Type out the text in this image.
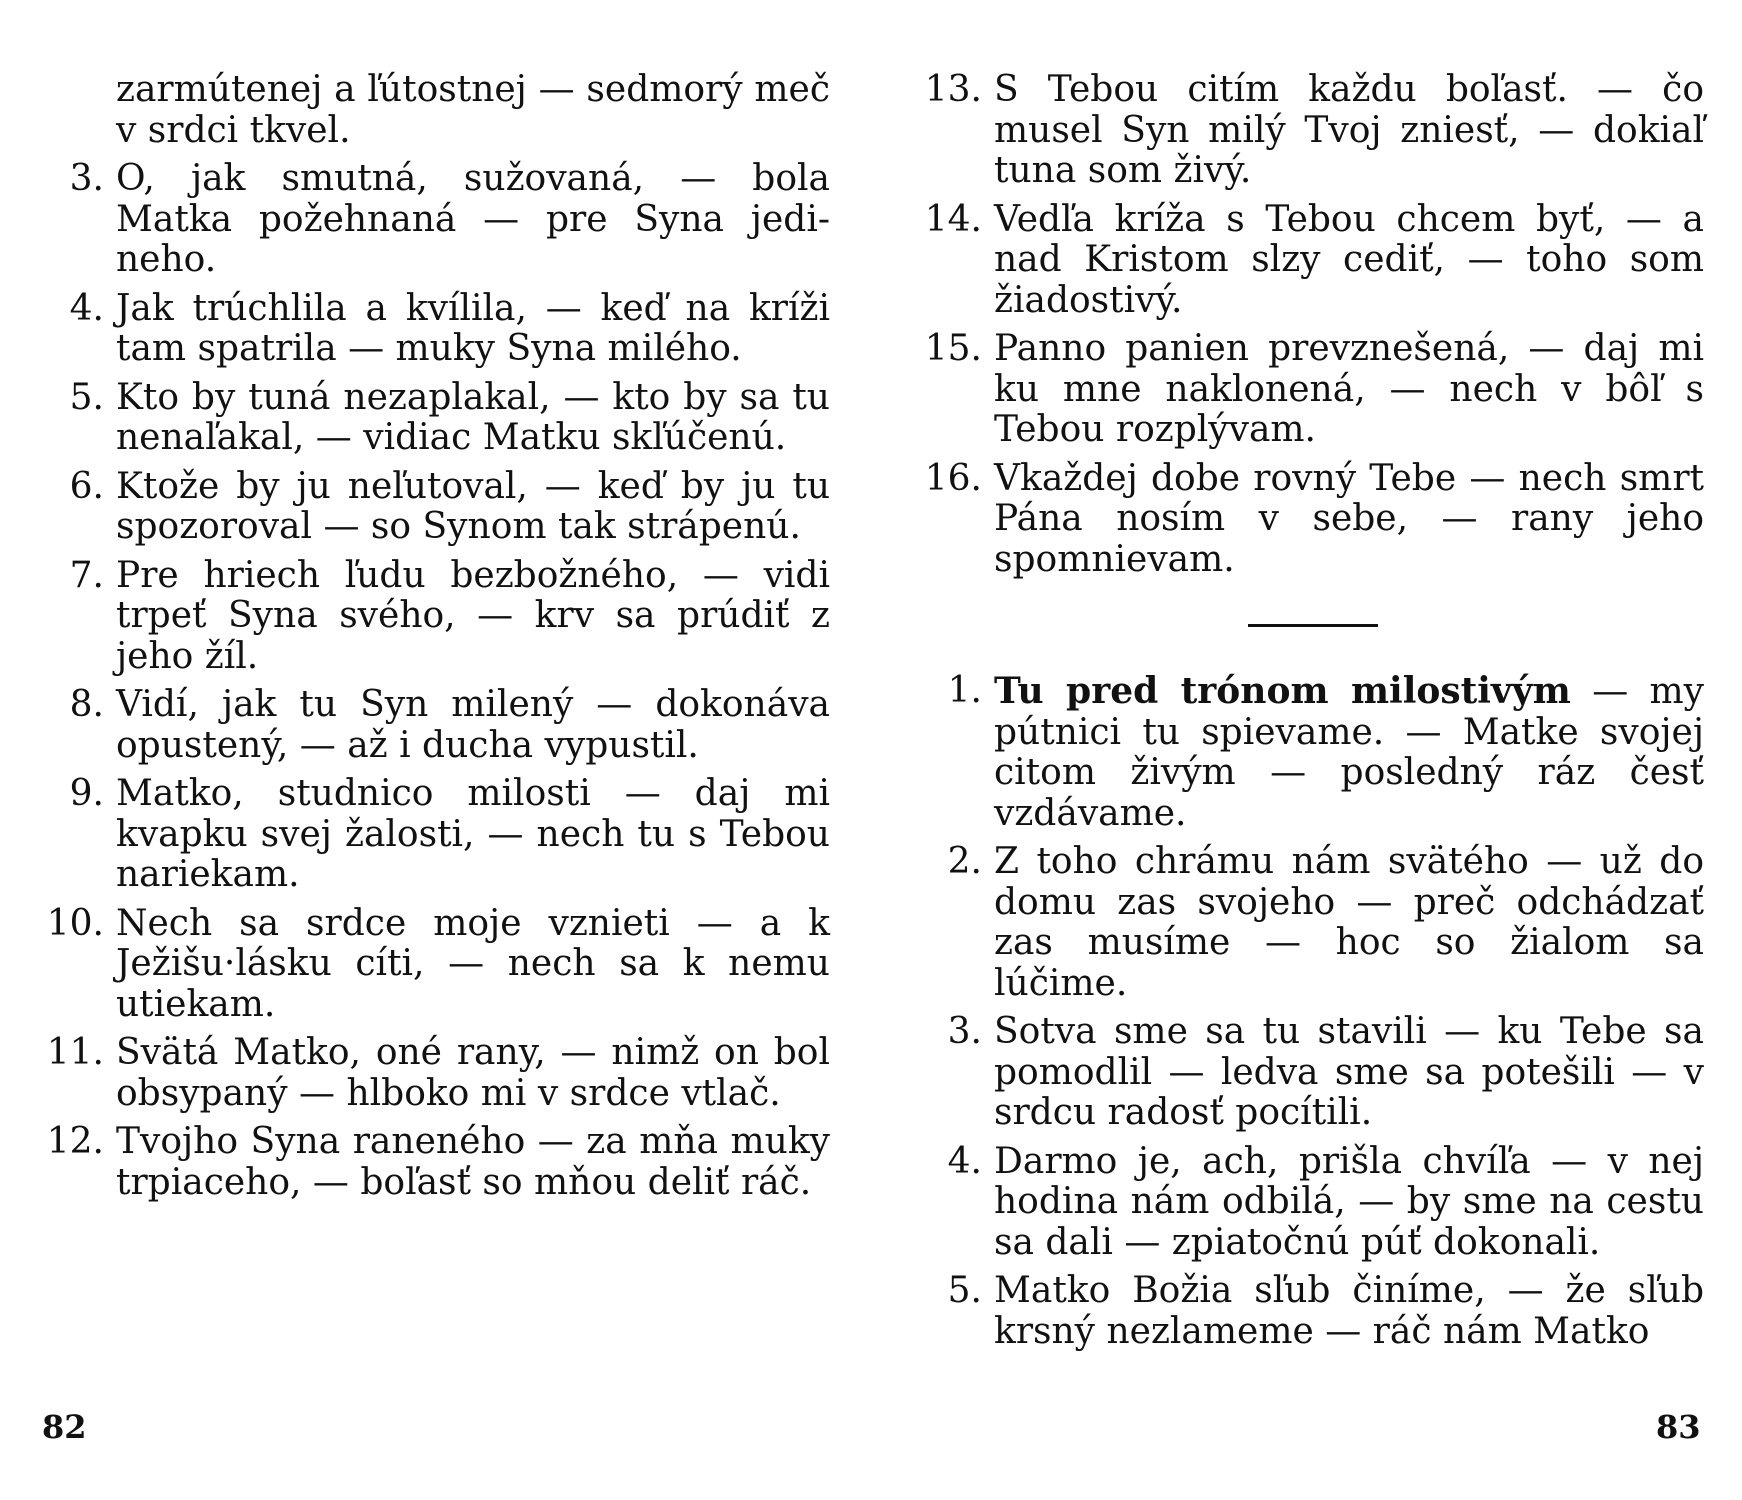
zarmútenej a ľútostnej — sedmorý meč v srdci tkvel.
3. O, jak smutná, sužovaná, — bola Matka požehnaná — pre Syna jedi-neho.
4. Jak trúchlila a kvílila, — keď na kríži tam spatrila — muky Syna milého.
5. Kto by tuná nezaplakal, — kto by sa tu nenaľakal, — vidiac Matku skľúčenú.
6. Ktože by ju neľutoval, — keď by ju tu spozoroval — so Synom tak strápenú.
7. Pre hriech ľudu bezbožného, — vidi trpeť Syna svého, — krv sa prúdiť z jeho žíl.
8. Vidí, jak tu Syn milený — dokonáva opustený, — až i ducha vypustil.
9. Matko, studnico milosti — daj mi kvapku svej žalosti, — nech tu s Tebou nariekam.
10. Nech sa srdce moje vznieti — a k Ježišu·lásku cíti, — nech sa k nemu utiekam.
11. Svätá Matko, oné rany, — nimž on bol obsypaný — hlboko mi v srdce vtlač.
12. Tvojho Syna raneného — za mňa muky trpiaceho, — boľasť so mňou deliť ráč.
13. S Tebou citím každu boľasť. — čo musel Syn milý Tvoj zniesť, — dokiaľ tuna som živý.
14. Vedľa kríža s Tebou chcem byť, — a nad Kristom slzy cediť, — toho som žiadostivý.
15. Panno panien prevznešená, — daj mi ku mne naklonená, — nech v bôľ s Tebou rozplývam.
16. Vkaždej dobe rovný Tebe — nech smrt Pána nosím v sebe, — rany jeho spomnievam.
1. Tu pred trónom milostivým — my pútnici tu spievame. — Matke svojej citom živým — posledný ráz česť vzdávame.
2. Z toho chrámu nám svätého — už do domu zas svojeho — preč odchádzať zas musíme — hoc so žialom sa lúčime.
3. Sotva sme sa tu stavili — ku Tebe sa pomodlil — ledva sme sa potešili — v srdcu radosť pocítili.
4. Darmo je, ach, prišla chvíľa — v nej hodina nám odbilá, — by sme na cestu sa dali — zpiatočnú púť dokonali.
5. Matko Božia sľub činíme, — že sľub krsný nezlameme — ráč nám Matko
82	83
